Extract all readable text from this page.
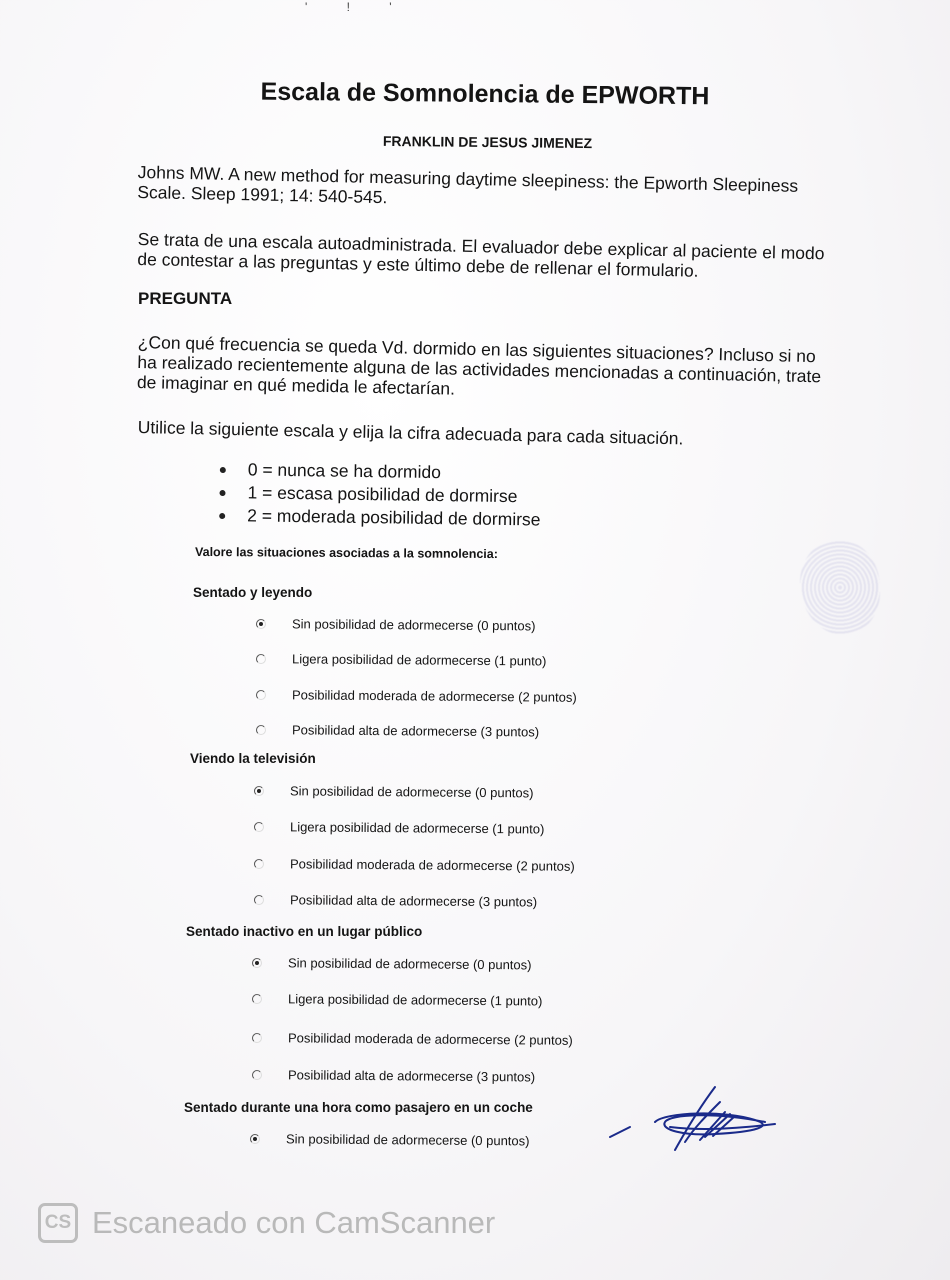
' ! '
Escala de Somnolencia de EPWORTH
FRANKLIN DE JESUS JIMENEZ
Johns MW. A new method for measuring daytime sleepiness: the Epworth Sleepiness Scale. Sleep 1991; 14: 540-545.
Se trata de una escala autoadministrada. El evaluador debe explicar al paciente el modo de contestar a las preguntas y este último debe de rellenar el formulario.
PREGUNTA
¿Con qué frecuencia se queda Vd. dormido en las siguientes situaciones? Incluso si no ha realizado recientemente alguna de las actividades mencionadas a continuación, trate de imaginar en qué medida le afectarían.
Utilice la siguiente escala y elija la cifra adecuada para cada situación.
0 = nunca se ha dormido
1 = escasa posibilidad de dormirse
2 = moderada posibilidad de dormirse
Valore las situaciones asociadas a la somnolencia:
Sentado y leyendo
Sin posibilidad de adormecerse (0 puntos)
Ligera posibilidad de adormecerse (1 punto)
Posibilidad moderada de adormecerse (2 puntos)
Posibilidad alta de adormecerse (3 puntos)
Viendo la televisión
Sin posibilidad de adormecerse (0 puntos)
Ligera posibilidad de adormecerse (1 punto)
Posibilidad moderada de adormecerse (2 puntos)
Posibilidad alta de adormecerse (3 puntos)
Sentado inactivo en un lugar público
Sin posibilidad de adormecerse (0 puntos)
Ligera posibilidad de adormecerse (1 punto)
Posibilidad moderada de adormecerse (2 puntos)
Posibilidad alta de adormecerse (3 puntos)
Sentado durante una hora como pasajero en un coche
Sin posibilidad de adormecerse (0 puntos)
CS Escaneado con CamScanner
